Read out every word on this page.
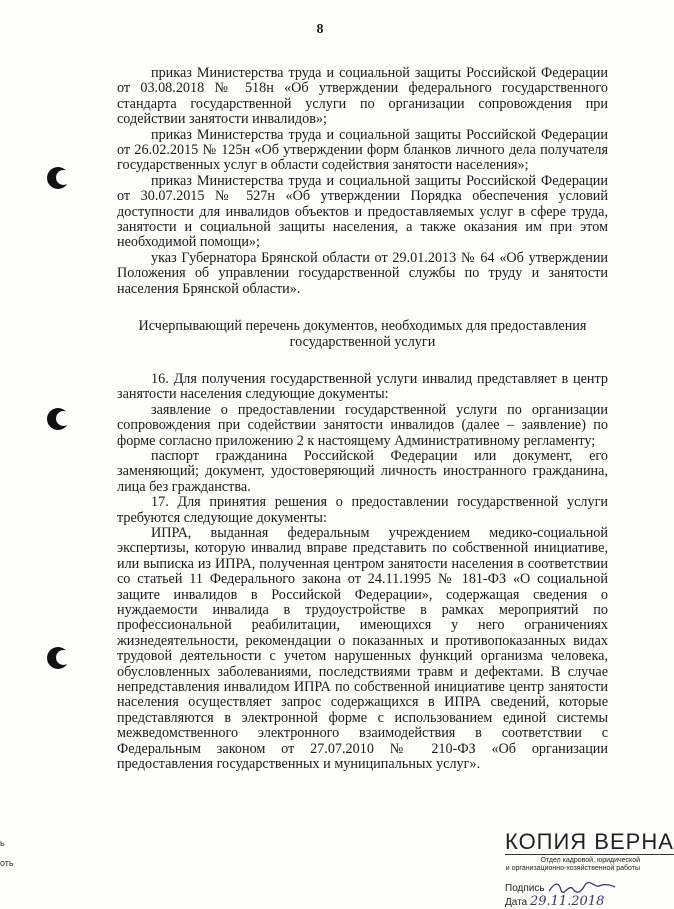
8
ь
оть

приказ Министерства труда и социальной защиты Российской Федерации от 03.08.2018 № 518н «Об утверждении федерального государственного стандарта государственной услуги по организации сопровождения при содействии занятости инвалидов»;

приказ Министерства труда и социальной защиты Российской Федерации от 26.02.2015 № 125н «Об утверждении форм бланков личного дела получателя государственных услуг в области содействия занятости населения»;

приказ Министерства труда и социальной защиты Российской Федерации от 30.07.2015 № 527н «Об утверждении Порядка обеспечения условий доступности для инвалидов объектов и предоставляемых услуг в сфере труда, занятости и социальной защиты населения, а также оказания им при этом необходимой помощи»;

указ Губернатора Брянской области от 29.01.2013 № 64 «Об утверждении Положения об управлении государственной службы по труду и занятости населения Брянской области».

Исчерпывающий перечень документов, необходимых для предоставления государственной услуги

16. Для получения государственной услуги инвалид представляет в центр занятости населения следующие документы:

заявление о предоставлении государственной услуги по организации сопровождения при содействии занятости инвалидов (далее – заявление) по форме согласно приложению 2 к настоящему Административному регламенту;

паспорт гражданина Российской Федерации или документ, его заменяющий; документ, удостоверяющий личность иностранного гражданина, лица без гражданства.

17. Для принятия решения о предоставлении государственной услуги требуются следующие документы:

ИПРА, выданная федеральным учреждением медико-социальной экспертизы, которую инвалид вправе представить по собственной инициативе, или выписка из ИПРА, полученная центром занятости населения в соответствии со статьей 11 Федерального закона от 24.11.1995 № 181-ФЗ «О социальной защите инвалидов в Российской Федерации», содержащая сведения о нуждаемости инвалида в трудоустройстве в рамках мероприятий по профессиональной реабилитации, имеющихся у него ограничениях жизнедеятельности, рекомендации о показанных и противопоказанных видах трудовой деятельности с учетом нарушенных функций организма человека, обусловленных заболеваниями, последствиями травм и дефектами. В случае непредставления инвалидом ИПРА по собственной инициативе центр занятости населения осуществляет запрос содержащихся в ИПРА сведений, которые представляются в электронной форме с использованием единой системы межведомственного электронного взаимодействия в соответствии с Федеральным законом от 27.07.2010 № 210-ФЗ «Об организации предоставления государственных и муниципальных услуг».

КОПИЯ ВЕРНА
Отдел кадровой, юридической
и организационно-хозяйственной работы
Подпись
Дата 29.11.2018
